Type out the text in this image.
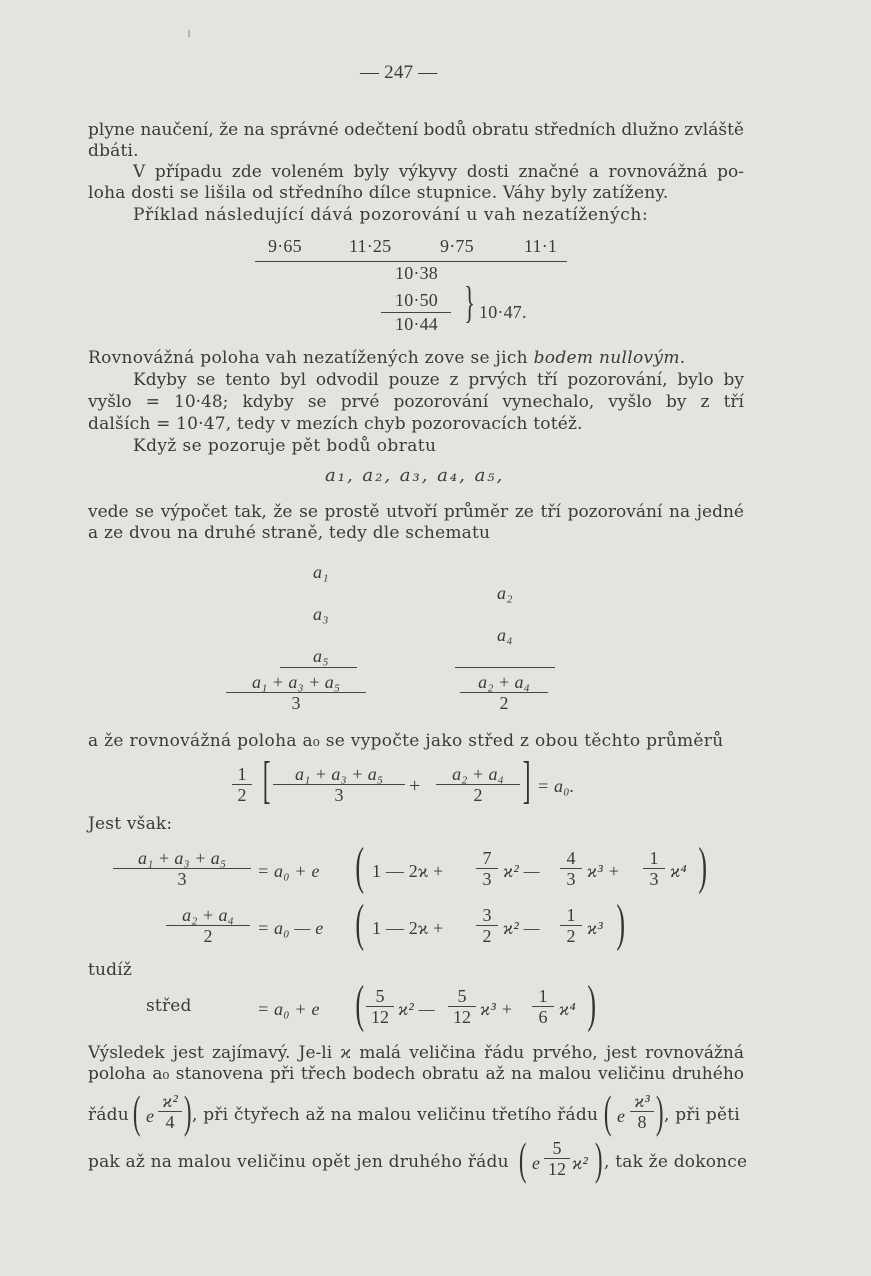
— 247 —
plyne naučení, že na správné odečtení bodů obratu středních dlužno zvláště
dbáti.
V případu zde voleném byly výkyvy dosti značné a rovnovážná po-
loha dosti se lišila od středního dílce stupnice. Váhy byly zatíženy.
Příklad následující dává pozorování u vah nezatížených:
9·65	11·25	9·75	11·1
10·38
10·50
10·44 } 10·47.
Rovnovážná poloha vah nezatížených zove se jich bodem nullovým.
Kdyby se tento byl odvodil pouze z prvých tří pozorování, bylo by
vyšlo = 10·48; kdyby se prvé pozorování vynechalo, vyšlo by z tří
dalších = 10·47, tedy v mezích chyb pozorovacích totéž.
Když se pozoruje pět bodů obratu
a₁, a₂, a₃, a₄, a₅,
vede se výpočet tak, že se prostě utvoří průměr ze tří pozorování na jedné
a ze dvou na druhé straně, tedy dle schematu
a₁
a₃
a₅
a₂
a₄
$\frac{\text{a₁ + a₃ + a₅}}{3}$	$\frac{\text{a₂ + a₄}}{2}$
a že rovnovážná poloha a₀ se vypočte jako střed z obou těchto průměrů
$\frac{1}{2}$ [ $\frac{\text{a₁ + a₃ + a₅}}{3} + \frac{\text{a₂ + a₄}}{2}$ ] = a₀.
Jest však:
$\frac{\text{a₁ + a₃ + a₅}}{3} = a_0 + e$ ( 1 — $2ϰ + \frac{7}{3} ϰ^2$ — $\frac{4}{3} ϰ^3 + \frac{1}{3} ϰ^4$ )
$\frac{\text{a₂ + a₄}}{2} = a_0$ — e ( 1 — $2ϰ + \frac{3}{2} ϰ^2$ — $\frac{1}{2} ϰ^3$ )
tudíž
střed	= a₀ + e ( $\frac{5}{12} ϰ^2$ — $\frac{5}{12} ϰ^3 + \frac{1}{6} ϰ^4$ )
Výsledek jest zajímavý. Je-li ϰ malá veličina řádu prvého, jest rovnovážná
poloha a₀ stanovena při třech bodech obratu až na malou veličinu druhého
řádu ( e $\frac{\text{ϰ²}}{4}$ ) , při čtyřech až na malou veličinu třetího řádu ( e $\frac{\text{ϰ³}}{8}$ ) , při pěti
pak až na malou veličinu opět jen druhého řádu ( e $\frac{5}{12} ϰ^2$ ) , tak že dokonce
